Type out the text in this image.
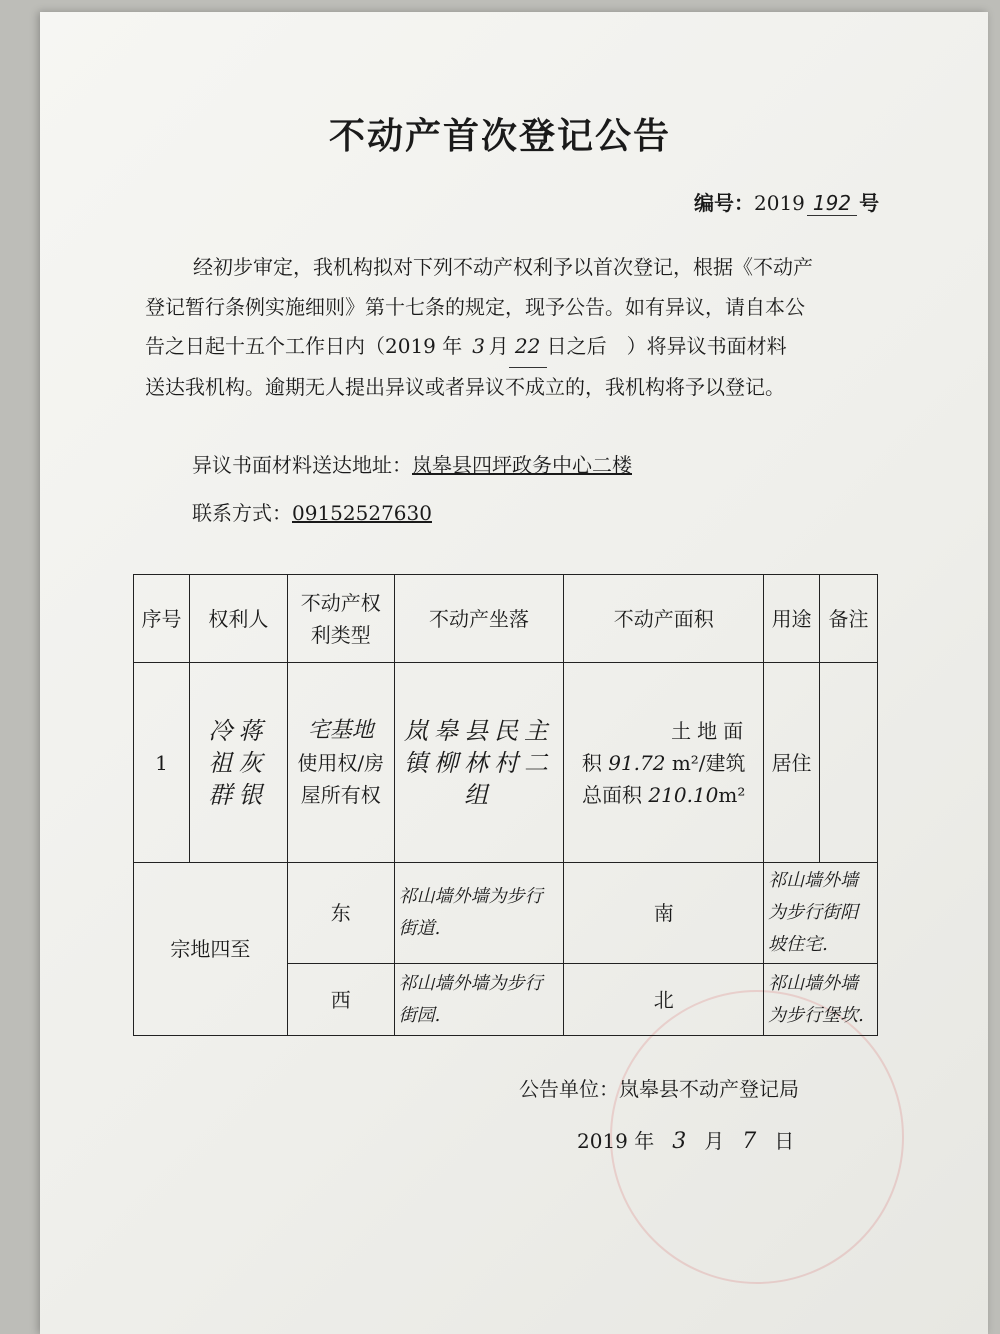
不动产首次登记公告
编号：2019 192 号

经初步审定，我机构拟对下列不动产权利予以首次登记，根据《不动产

登记暂行条例实施细则》第十七条的规定，现予公告。如有异议，请自本公

告之日起十五个工作日内（2019 年 3 月 22 日之后　）将异议书面材料

送达我机构。逾期无人提出异议或者异议不成立的，我机构将予以登记。

异议书面材料送达地址：岚皋县四坪政务中心二楼
联系方式：09152527630
序号	权利人	不动产权利类型	不动产坐落	不动产面积	用途	备注
1	冷蒋 祖灰 群银	宅基地
使用权/房屋所有权	岚皋县民主镇柳林村二组	土地面
积 91.72 m²/建筑
总面积 210.10m²	居住	
宗地四至		东	祁山墙外墙为步行街道.	南	祁山墙外墙为步行街阳坡住宅.	
		西	祁山墙外墙为步行街园.	北	祁山墙外墙为步行堡坎.	
公告单位：岚皋县不动产登记局
2019 年 3 月 7 日
